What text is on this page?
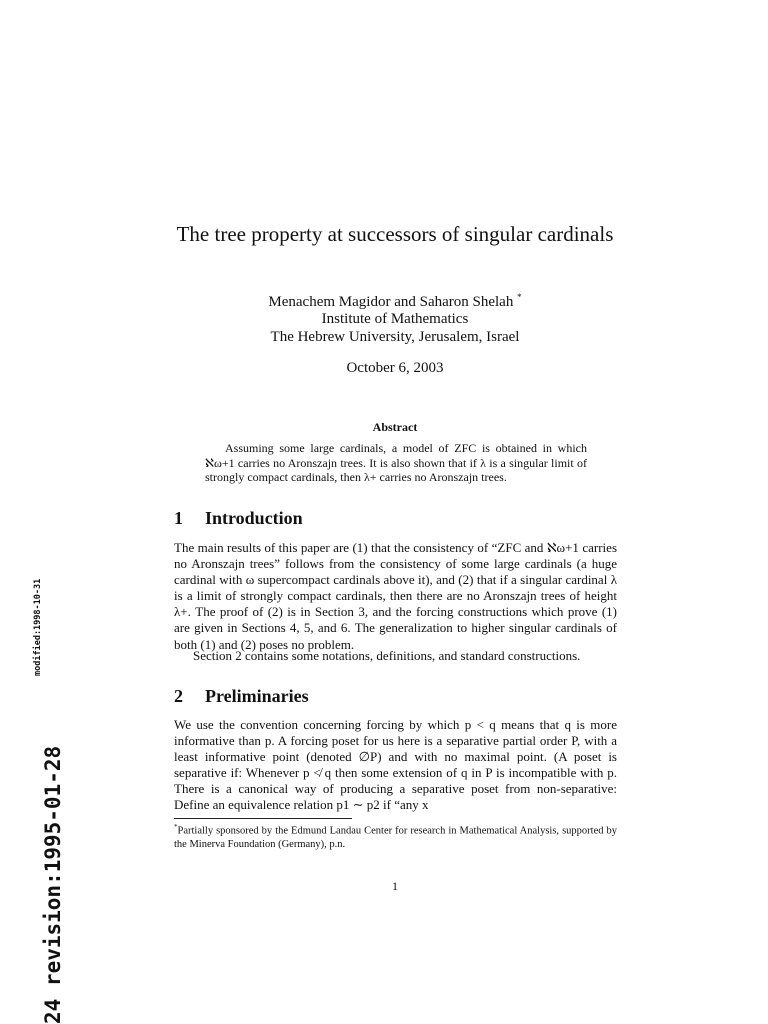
The tree property at successors of singular cardinals
Menachem Magidor and Saharon Shelah *
Institute of Mathematics
The Hebrew University, Jerusalem, Israel
October 6, 2003
Abstract

Assuming some large cardinals, a model of ZFC is obtained in which ℵω+1 carries no Aronszajn trees. It is also shown that if λ is a singular limit of strongly compact cardinals, then λ+ carries no Aronszajn trees.

1 Introduction

The main results of this paper are (1) that the consistency of “ZFC and ℵω+1 carries no Aronszajn trees” follows from the consistency of some large cardinals (a huge cardinal with ω supercompact cardinals above it), and (2) that if a singular cardinal λ is a limit of strongly compact cardinals, then there are no Aronszajn trees of height λ+. The proof of (2) is in Section 3, and the forcing constructions which prove (1) are given in Sections 4, 5, and 6. The generalization to higher singular cardinals of both (1) and (2) poses no problem.

Section 2 contains some notations, definitions, and standard constructions.

2 Preliminaries

We use the convention concerning forcing by which p < q means that q is more informative than p. A forcing poset for us here is a separative partial order P, with a least informative point (denoted ∅P) and with no maximal point. (A poset is separative if: Whenever p ≮ q then some extension of q in P is incompatible with p. There is a canonical way of producing a separative poset from non-separative: Define an equivalence relation p1 ∼ p2 if “any x

*Partially sponsored by the Edmund Landau Center for research in Mathematical Analysis, supported by the Minerva Foundation (Germany), p.n.
1
modified:1998-10-31
24 revision:1995-01-28
